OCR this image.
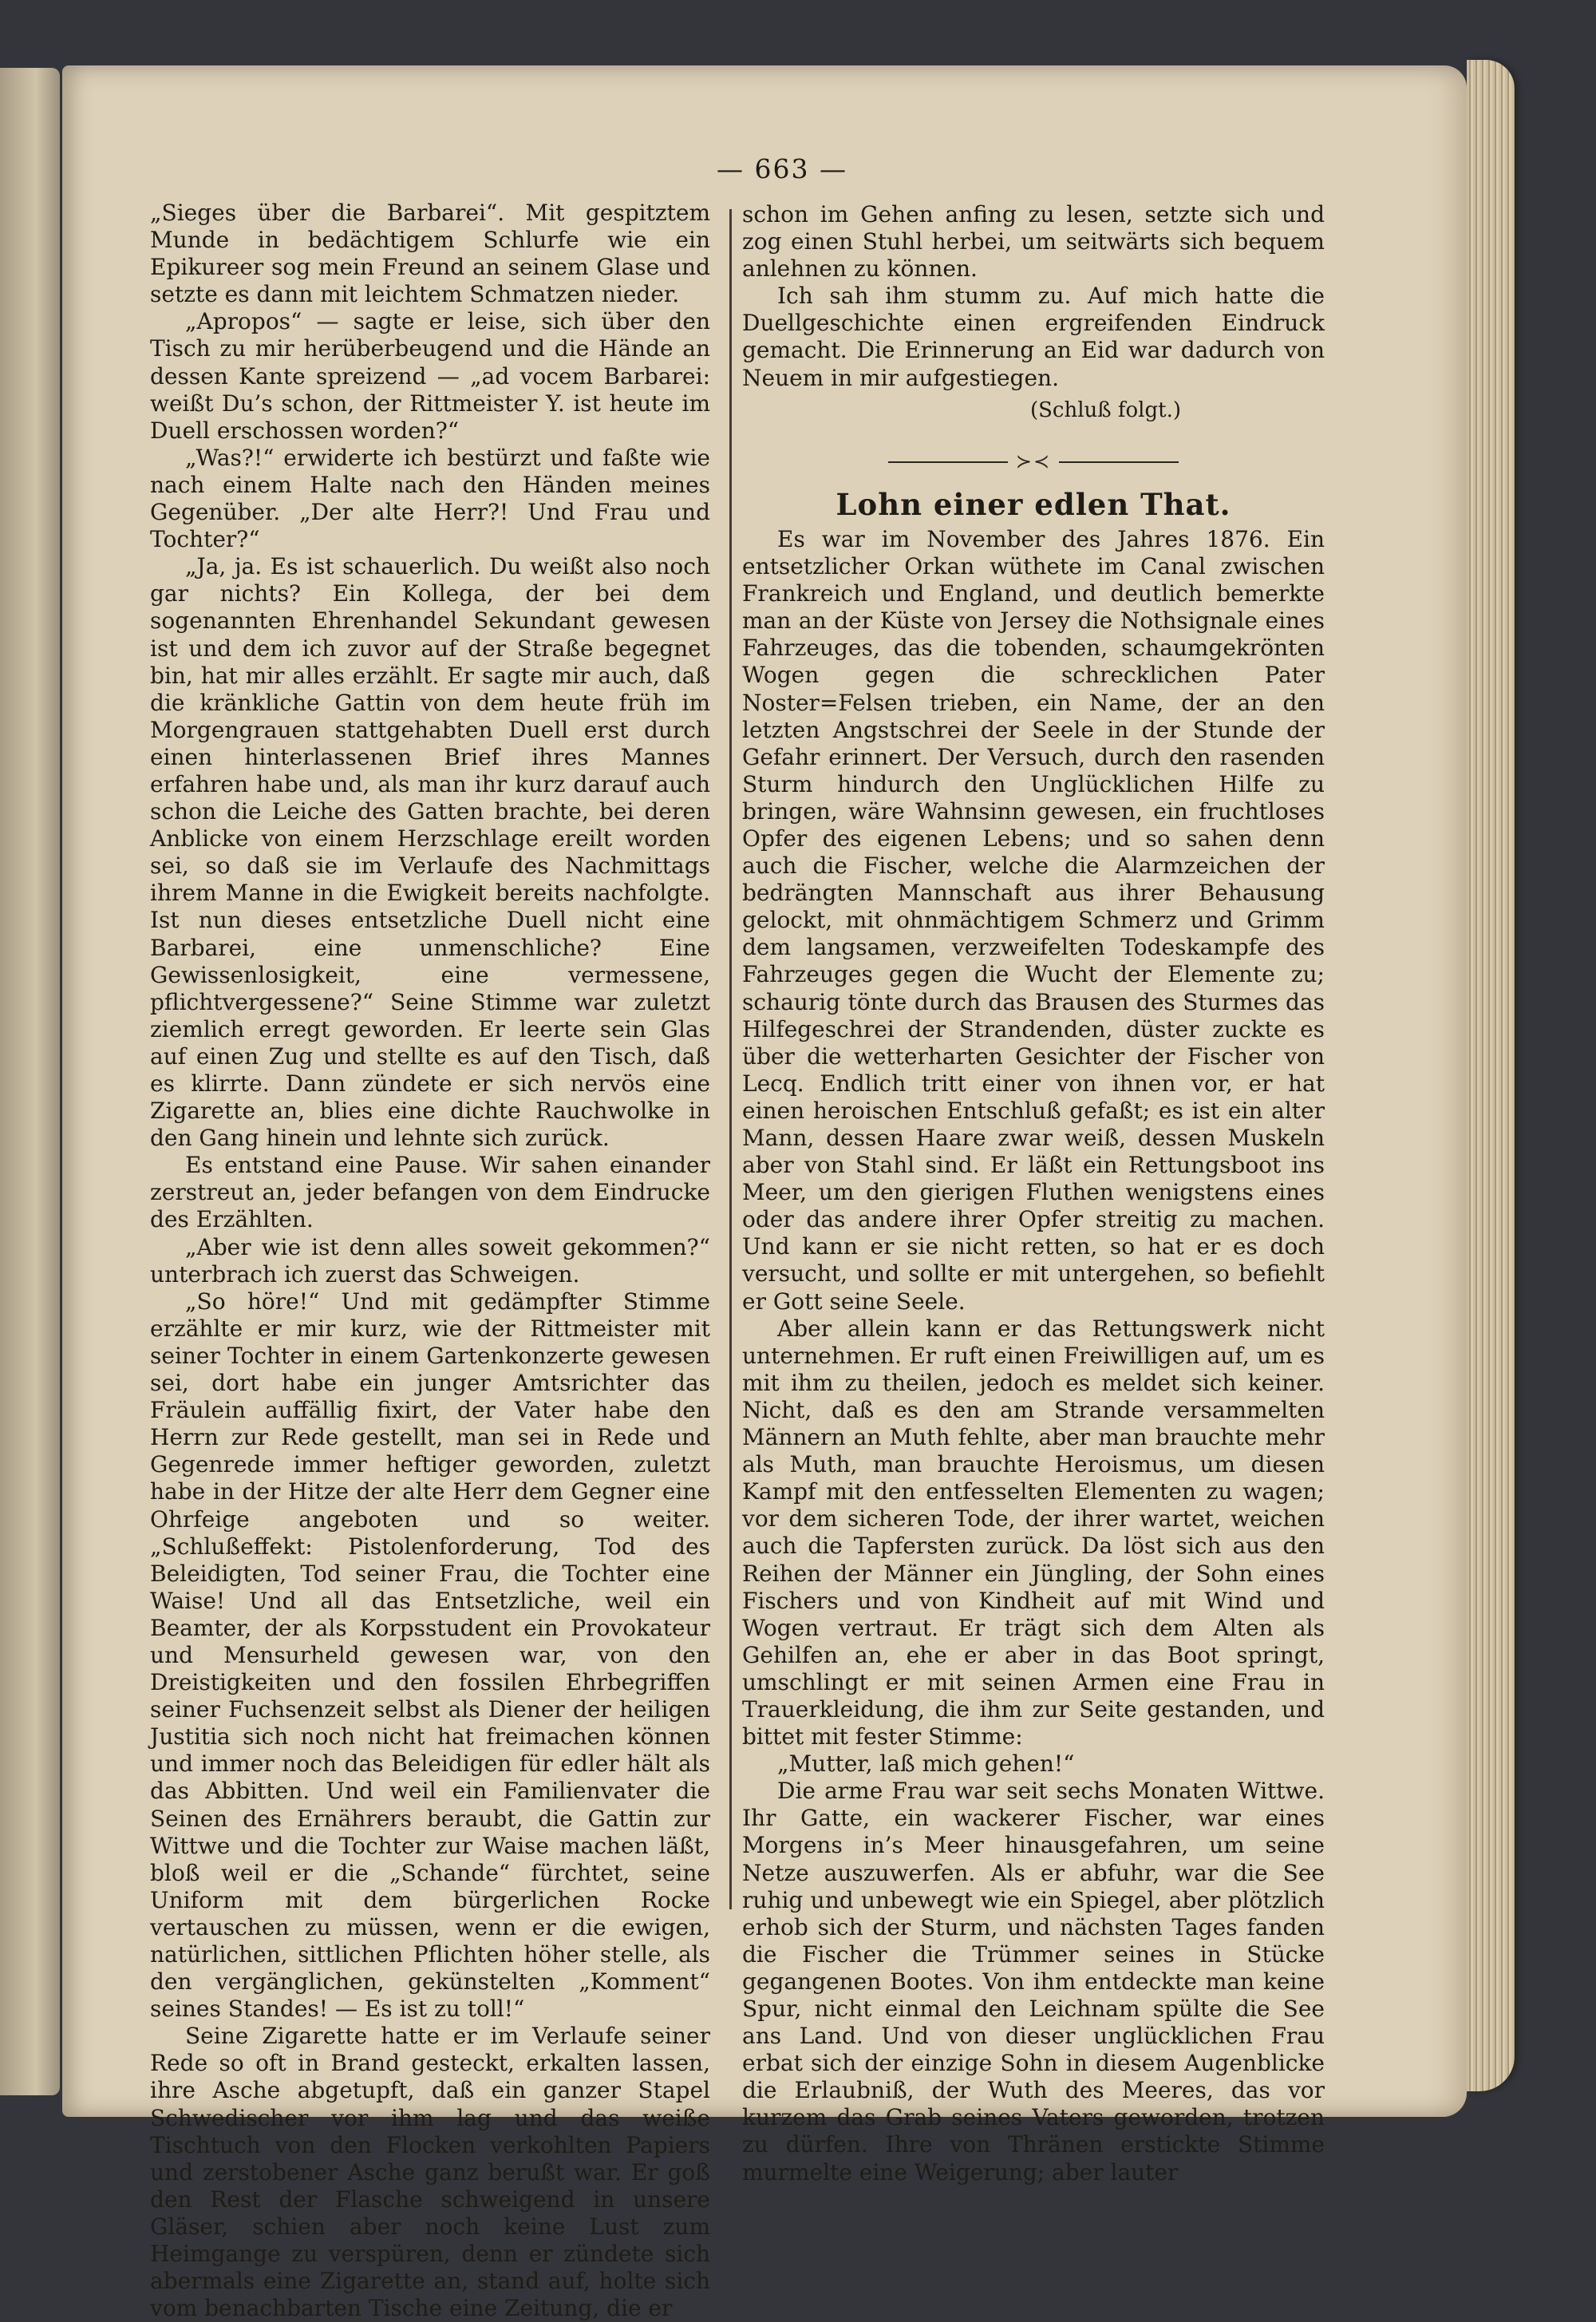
— 663 —

„Sieges über die Barbarei“. Mit gespitztem Munde in bedächtigem Schlurfe wie ein Epikureer sog mein Freund an seinem Glase und setzte es dann mit leichtem Schmatzen nieder.

„Apropos“ — sagte er leise, sich über den Tisch zu mir herüberbeugend und die Hände an dessen Kante spreizend — „ad vocem Barbarei: weißt Du’s schon, der Rittmeister Y. ist heute im Duell erschossen worden?“

„Was?!“ erwiderte ich bestürzt und faßte wie nach einem Halte nach den Händen meines Gegenüber. „Der alte Herr?! Und Frau und Tochter?“

„Ja, ja. Es ist schauerlich. Du weißt also noch gar nichts? Ein Kollega, der bei dem sogenannten Ehrenhandel Sekundant gewesen ist und dem ich zuvor auf der Straße begegnet bin, hat mir alles erzählt. Er sagte mir auch, daß die kränkliche Gattin von dem heute früh im Morgengrauen stattgehabten Duell erst durch einen hinterlassenen Brief ihres Mannes erfahren habe und, als man ihr kurz darauf auch schon die Leiche des Gatten brachte, bei deren Anblicke von einem Herzschlage ereilt worden sei, so daß sie im Verlaufe des Nachmittags ihrem Manne in die Ewigkeit bereits nachfolgte. Ist nun dieses entsetzliche Duell nicht eine Barbarei, eine unmenschliche? Eine Gewissenlosigkeit, eine vermessene, pflichtvergessene?“ Seine Stimme war zuletzt ziemlich erregt geworden. Er leerte sein Glas auf einen Zug und stellte es auf den Tisch, daß es klirrte. Dann zündete er sich nervös eine Zigarette an, blies eine dichte Rauchwolke in den Gang hinein und lehnte sich zurück.

Es entstand eine Pause. Wir sahen einander zerstreut an, jeder befangen von dem Eindrucke des Erzählten.

„Aber wie ist denn alles soweit gekommen?“ unterbrach ich zuerst das Schweigen.

„So höre!“ Und mit gedämpfter Stimme erzählte er mir kurz, wie der Rittmeister mit seiner Tochter in einem Gartenkonzerte gewesen sei, dort habe ein junger Amtsrichter das Fräulein auffällig fixirt, der Vater habe den Herrn zur Rede gestellt, man sei in Rede und Gegenrede immer heftiger geworden, zuletzt habe in der Hitze der alte Herr dem Gegner eine Ohrfeige angeboten und so weiter. „Schlußeffekt: Pistolenforderung, Tod des Beleidigten, Tod seiner Frau, die Tochter eine Waise! Und all das Entsetzliche, weil ein Beamter, der als Korpsstudent ein Provokateur und Mensurheld gewesen war, von den Dreistigkeiten und den fossilen Ehrbegriffen seiner Fuchsenzeit selbst als Diener der heiligen Justitia sich noch nicht hat freimachen können und immer noch das Beleidigen für edler hält als das Abbitten. Und weil ein Familienvater die Seinen des Ernährers beraubt, die Gattin zur Wittwe und die Tochter zur Waise machen läßt, bloß weil er die „Schande“ fürchtet, seine Uniform mit dem bürgerlichen Rocke vertauschen zu müssen, wenn er die ewigen, natürlichen, sittlichen Pflichten höher stelle, als den vergänglichen, gekünstelten „Komment“ seines Standes! — Es ist zu toll!“

Seine Zigarette hatte er im Verlaufe seiner Rede so oft in Brand gesteckt, erkalten lassen, ihre Asche abgetupft, daß ein ganzer Stapel Schwedischer vor ihm lag und das weiße Tischtuch von den Flocken verkohlten Papiers und zerstobener Asche ganz berußt war. Er goß den Rest der Flasche schweigend in unsere Gläser, schien aber noch keine Lust zum Heimgange zu verspüren, denn er zündete sich abermals eine Zigarette an, stand auf, holte sich vom benachbarten Tische eine Zeitung, die er

schon im Gehen anfing zu lesen, setzte sich und zog einen Stuhl herbei, um seitwärts sich bequem anlehnen zu können.

Ich sah ihm stumm zu. Auf mich hatte die Duellgeschichte einen ergreifenden Eindruck gemacht. Die Erinnerung an Eid war dadurch von Neuem in mir aufgestiegen.

(Schluß folgt.)

≻≺
Lohn einer edlen That.

Es war im November des Jahres 1876. Ein entsetzlicher Orkan wüthete im Canal zwischen Frankreich und England, und deutlich bemerkte man an der Küste von Jersey die Nothsignale eines Fahrzeuges, das die tobenden, schaumgekrönten Wogen gegen die schrecklichen Pater Noster=Felsen trieben, ein Name, der an den letzten Angstschrei der Seele in der Stunde der Gefahr erinnert. Der Versuch, durch den rasenden Sturm hindurch den Unglücklichen Hilfe zu bringen, wäre Wahnsinn gewesen, ein fruchtloses Opfer des eigenen Lebens; und so sahen denn auch die Fischer, welche die Alarmzeichen der bedrängten Mannschaft aus ihrer Behausung gelockt, mit ohnmächtigem Schmerz und Grimm dem langsamen, verzweifelten Todeskampfe des Fahrzeuges gegen die Wucht der Elemente zu; schaurig tönte durch das Brausen des Sturmes das Hilfegeschrei der Strandenden, düster zuckte es über die wetterharten Gesichter der Fischer von Lecq. Endlich tritt einer von ihnen vor, er hat einen heroischen Entschluß gefaßt; es ist ein alter Mann, dessen Haare zwar weiß, dessen Muskeln aber von Stahl sind. Er läßt ein Rettungsboot ins Meer, um den gierigen Fluthen wenigstens eines oder das andere ihrer Opfer streitig zu machen. Und kann er sie nicht retten, so hat er es doch versucht, und sollte er mit untergehen, so befiehlt er Gott seine Seele.

Aber allein kann er das Rettungswerk nicht unternehmen. Er ruft einen Freiwilligen auf, um es mit ihm zu theilen, jedoch es meldet sich keiner. Nicht, daß es den am Strande versammelten Männern an Muth fehlte, aber man brauchte mehr als Muth, man brauchte Heroismus, um diesen Kampf mit den entfesselten Elementen zu wagen; vor dem sicheren Tode, der ihrer wartet, weichen auch die Tapfersten zurück. Da löst sich aus den Reihen der Männer ein Jüngling, der Sohn eines Fischers und von Kindheit auf mit Wind und Wogen vertraut. Er trägt sich dem Alten als Gehilfen an, ehe er aber in das Boot springt, umschlingt er mit seinen Armen eine Frau in Trauerkleidung, die ihm zur Seite gestanden, und bittet mit fester Stimme:

„Mutter, laß mich gehen!“

Die arme Frau war seit sechs Monaten Wittwe. Ihr Gatte, ein wackerer Fischer, war eines Morgens in’s Meer hinausgefahren, um seine Netze auszuwerfen. Als er abfuhr, war die See ruhig und unbewegt wie ein Spiegel, aber plötzlich erhob sich der Sturm, und nächsten Tages fanden die Fischer die Trümmer seines in Stücke gegangenen Bootes. Von ihm entdeckte man keine Spur, nicht einmal den Leichnam spülte die See ans Land. Und von dieser unglücklichen Frau erbat sich der einzige Sohn in diesem Augenblicke die Erlaubniß, der Wuth des Meeres, das vor kurzem das Grab seines Vaters geworden, trotzen zu dürfen. Ihre von Thränen erstickte Stimme murmelte eine Weigerung; aber lauter
